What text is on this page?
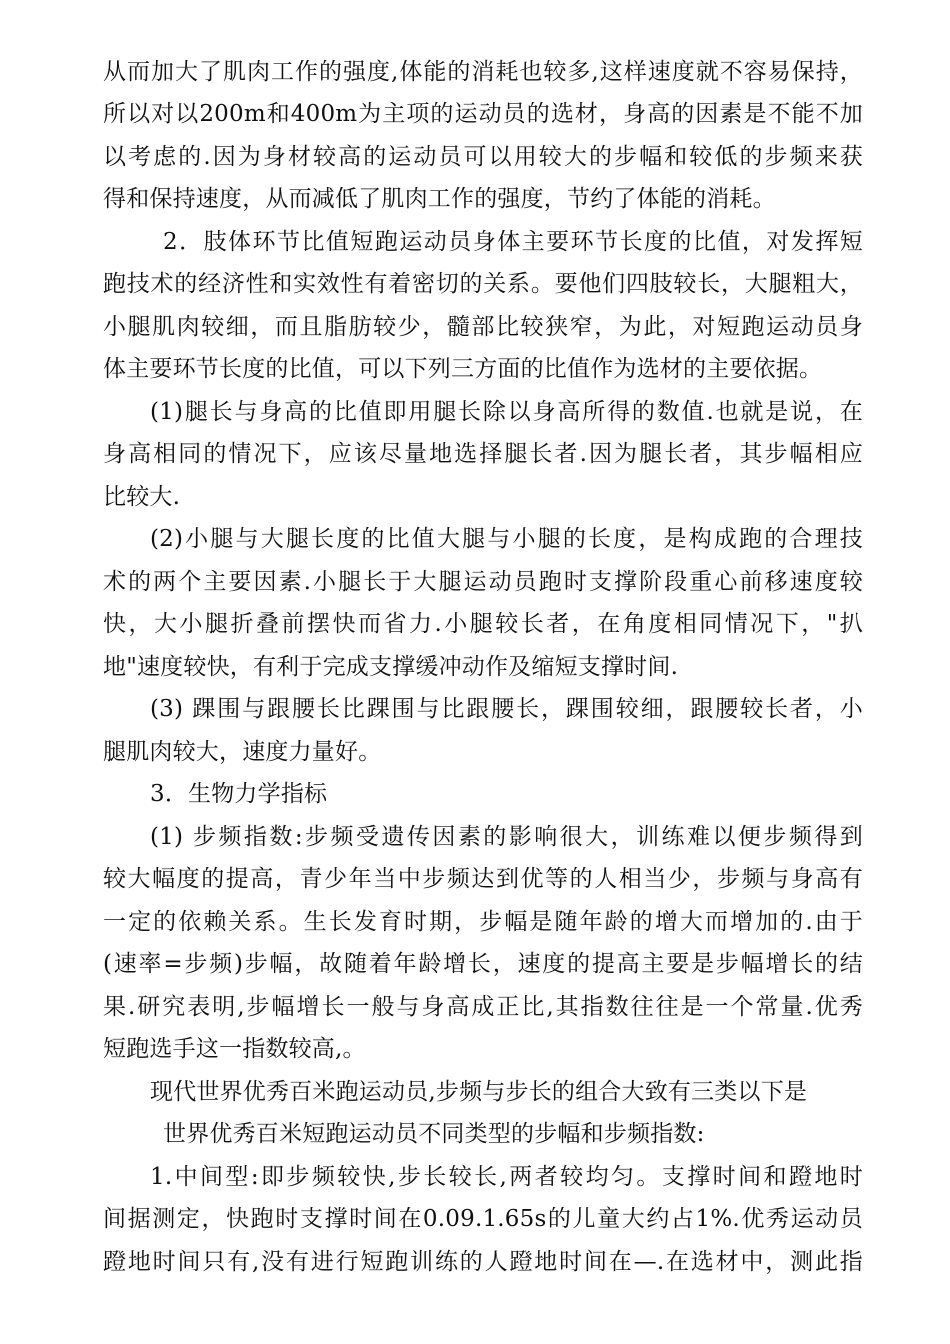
从而加大了肌肉工作的强度,体能的消耗也较多,这样速度就不容易保持，
所以对以200m和400m为主项的运动员的选材，身高的因素是不能不加
以考虑的.因为身材较高的运动员可以用较大的步幅和较低的步频来获
得和保持速度，从而减低了肌肉工作的强度，节约了体能的消耗。
2．肢体环节比值短跑运动员身体主要环节长度的比值，对发挥短
跑技术的经济性和实效性有着密切的关系。要他们四肢较长，大腿粗大，
小腿肌肉较细，而且脂肪较少，髓部比较狭窄，为此，对短跑运动员身
体主要环节长度的比值，可以下列三方面的比值作为选材的主要依据。
(1)腿长与身高的比值即用腿长除以身高所得的数值.也就是说，在
身高相同的情况下，应该尽量地选择腿长者.因为腿长者，其步幅相应
比较大.
(2)小腿与大腿长度的比值大腿与小腿的长度，是构成跑的合理技
术的两个主要因素.小腿长于大腿运动员跑时支撑阶段重心前移速度较
快，大小腿折叠前摆快而省力.小腿较长者，在角度相同情况下，"扒
地"速度较快，有利于完成支撑缓冲动作及缩短支撑时间.
(3) 踝围与跟腰长比踝围与比跟腰长，踝围较细，跟腰较长者，小
腿肌肉较大，速度力量好。
3．生物力学指标
(1) 步频指数:步频受遗传因素的影响很大，训练难以便步频得到
较大幅度的提高，青少年当中步频达到优等的人相当少，步频与身高有
一定的依赖关系。生长发育时期，步幅是随年龄的增大而增加的.由于
(速率=步频)步幅，故随着年龄增长，速度的提高主要是步幅增长的结
果.研究表明,步幅增长一般与身高成正比,其指数往往是一个常量.优秀
短跑选手这一指数较高,。
现代世界优秀百米跑运动员,步频与步长的组合大致有三类以下是
世界优秀百米短跑运动员不同类型的步幅和步频指数:
1.中间型:即步频较快,步长较长,两者较均匀。支撑时间和蹬地时
间据测定，快跑时支撑时间在0.09.1.65s的儿童大约占1%.优秀运动员
蹬地时间只有,没有进行短跑训练的人蹬地时间在—.在选材中，测此指
